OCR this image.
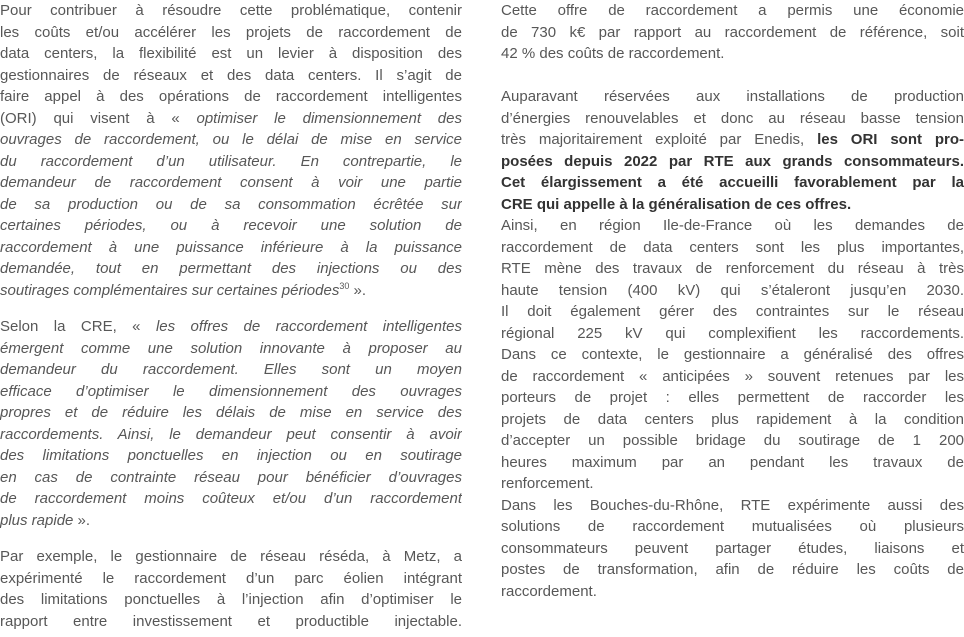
Pour contribuer à résoudre cette problématique, contenir
les coûts et/ou accélérer les projets de raccordement de
data centers, la flexibilité est un levier à disposition des
gestionnaires de réseaux et des data centers. Il s’agit de
faire appel à des opérations de raccordement intelligentes
(ORI) qui visent à « optimiser le dimensionnement des
ouvrages de raccordement, ou le délai de mise en service
du raccordement d’un utilisateur. En contrepartie, le
demandeur de raccordement consent à voir une partie
de sa production ou de sa consommation écrêtée sur
certaines périodes, ou à recevoir une solution de
raccordement à une puissance inférieure à la puissance
demandée, tout en permettant des injections ou des
soutirages complémentaires sur certaines périodes$^{30}$ ».
Selon la CRE, « les offres de raccordement intelligentes
émergent comme une solution innovante à proposer au
demandeur du raccordement. Elles sont un moyen
efficace d’optimiser le dimensionnement des ouvrages
propres et de réduire les délais de mise en service des
raccordements. Ainsi, le demandeur peut consentir à avoir
des limitations ponctuelles en injection ou en soutirage
en cas de contrainte réseau pour bénéficier d’ouvrages
de raccordement moins coûteux et/ou d’un raccordement
plus rapide ».
Par exemple, le gestionnaire de réseau réséda, à Metz, a
expérimenté le raccordement d’un parc éolien intégrant
des limitations ponctuelles à l’injection afin d’optimiser le
rapport entre investissement et productible injectable.
Cette offre de raccordement a permis une économie
de 730 k€ par rapport au raccordement de référence, soit
42 % des coûts de raccordement.
Auparavant réservées aux installations de production
d’énergies renouvelables et donc au réseau basse tension
très majoritairement exploité par Enedis, les ORI sont pro-
posées depuis 2022 par RTE aux grands consommateurs.
Cet élargissement a été accueilli favorablement par la
CRE qui appelle à la généralisation de ces offres.
Ainsi, en région Ile-de-France où les demandes de
raccordement de data centers sont les plus importantes,
RTE mène des travaux de renforcement du réseau à très
haute tension (400 kV) qui s’étaleront jusqu’en 2030.
Il doit également gérer des contraintes sur le réseau
régional 225 kV qui complexifient les raccordements.
Dans ce contexte, le gestionnaire a généralisé des offres
de raccordement « anticipées » souvent retenues par les
porteurs de projet : elles permettent de raccorder les
projets de data centers plus rapidement à la condition
d’accepter un possible bridage du soutirage de 1 200
heures maximum par an pendant les travaux de
renforcement.
Dans les Bouches-du-Rhône, RTE expérimente aussi des
solutions de raccordement mutualisées où plusieurs
consommateurs peuvent partager études, liaisons et
postes de transformation, afin de réduire les coûts de
raccordement.
